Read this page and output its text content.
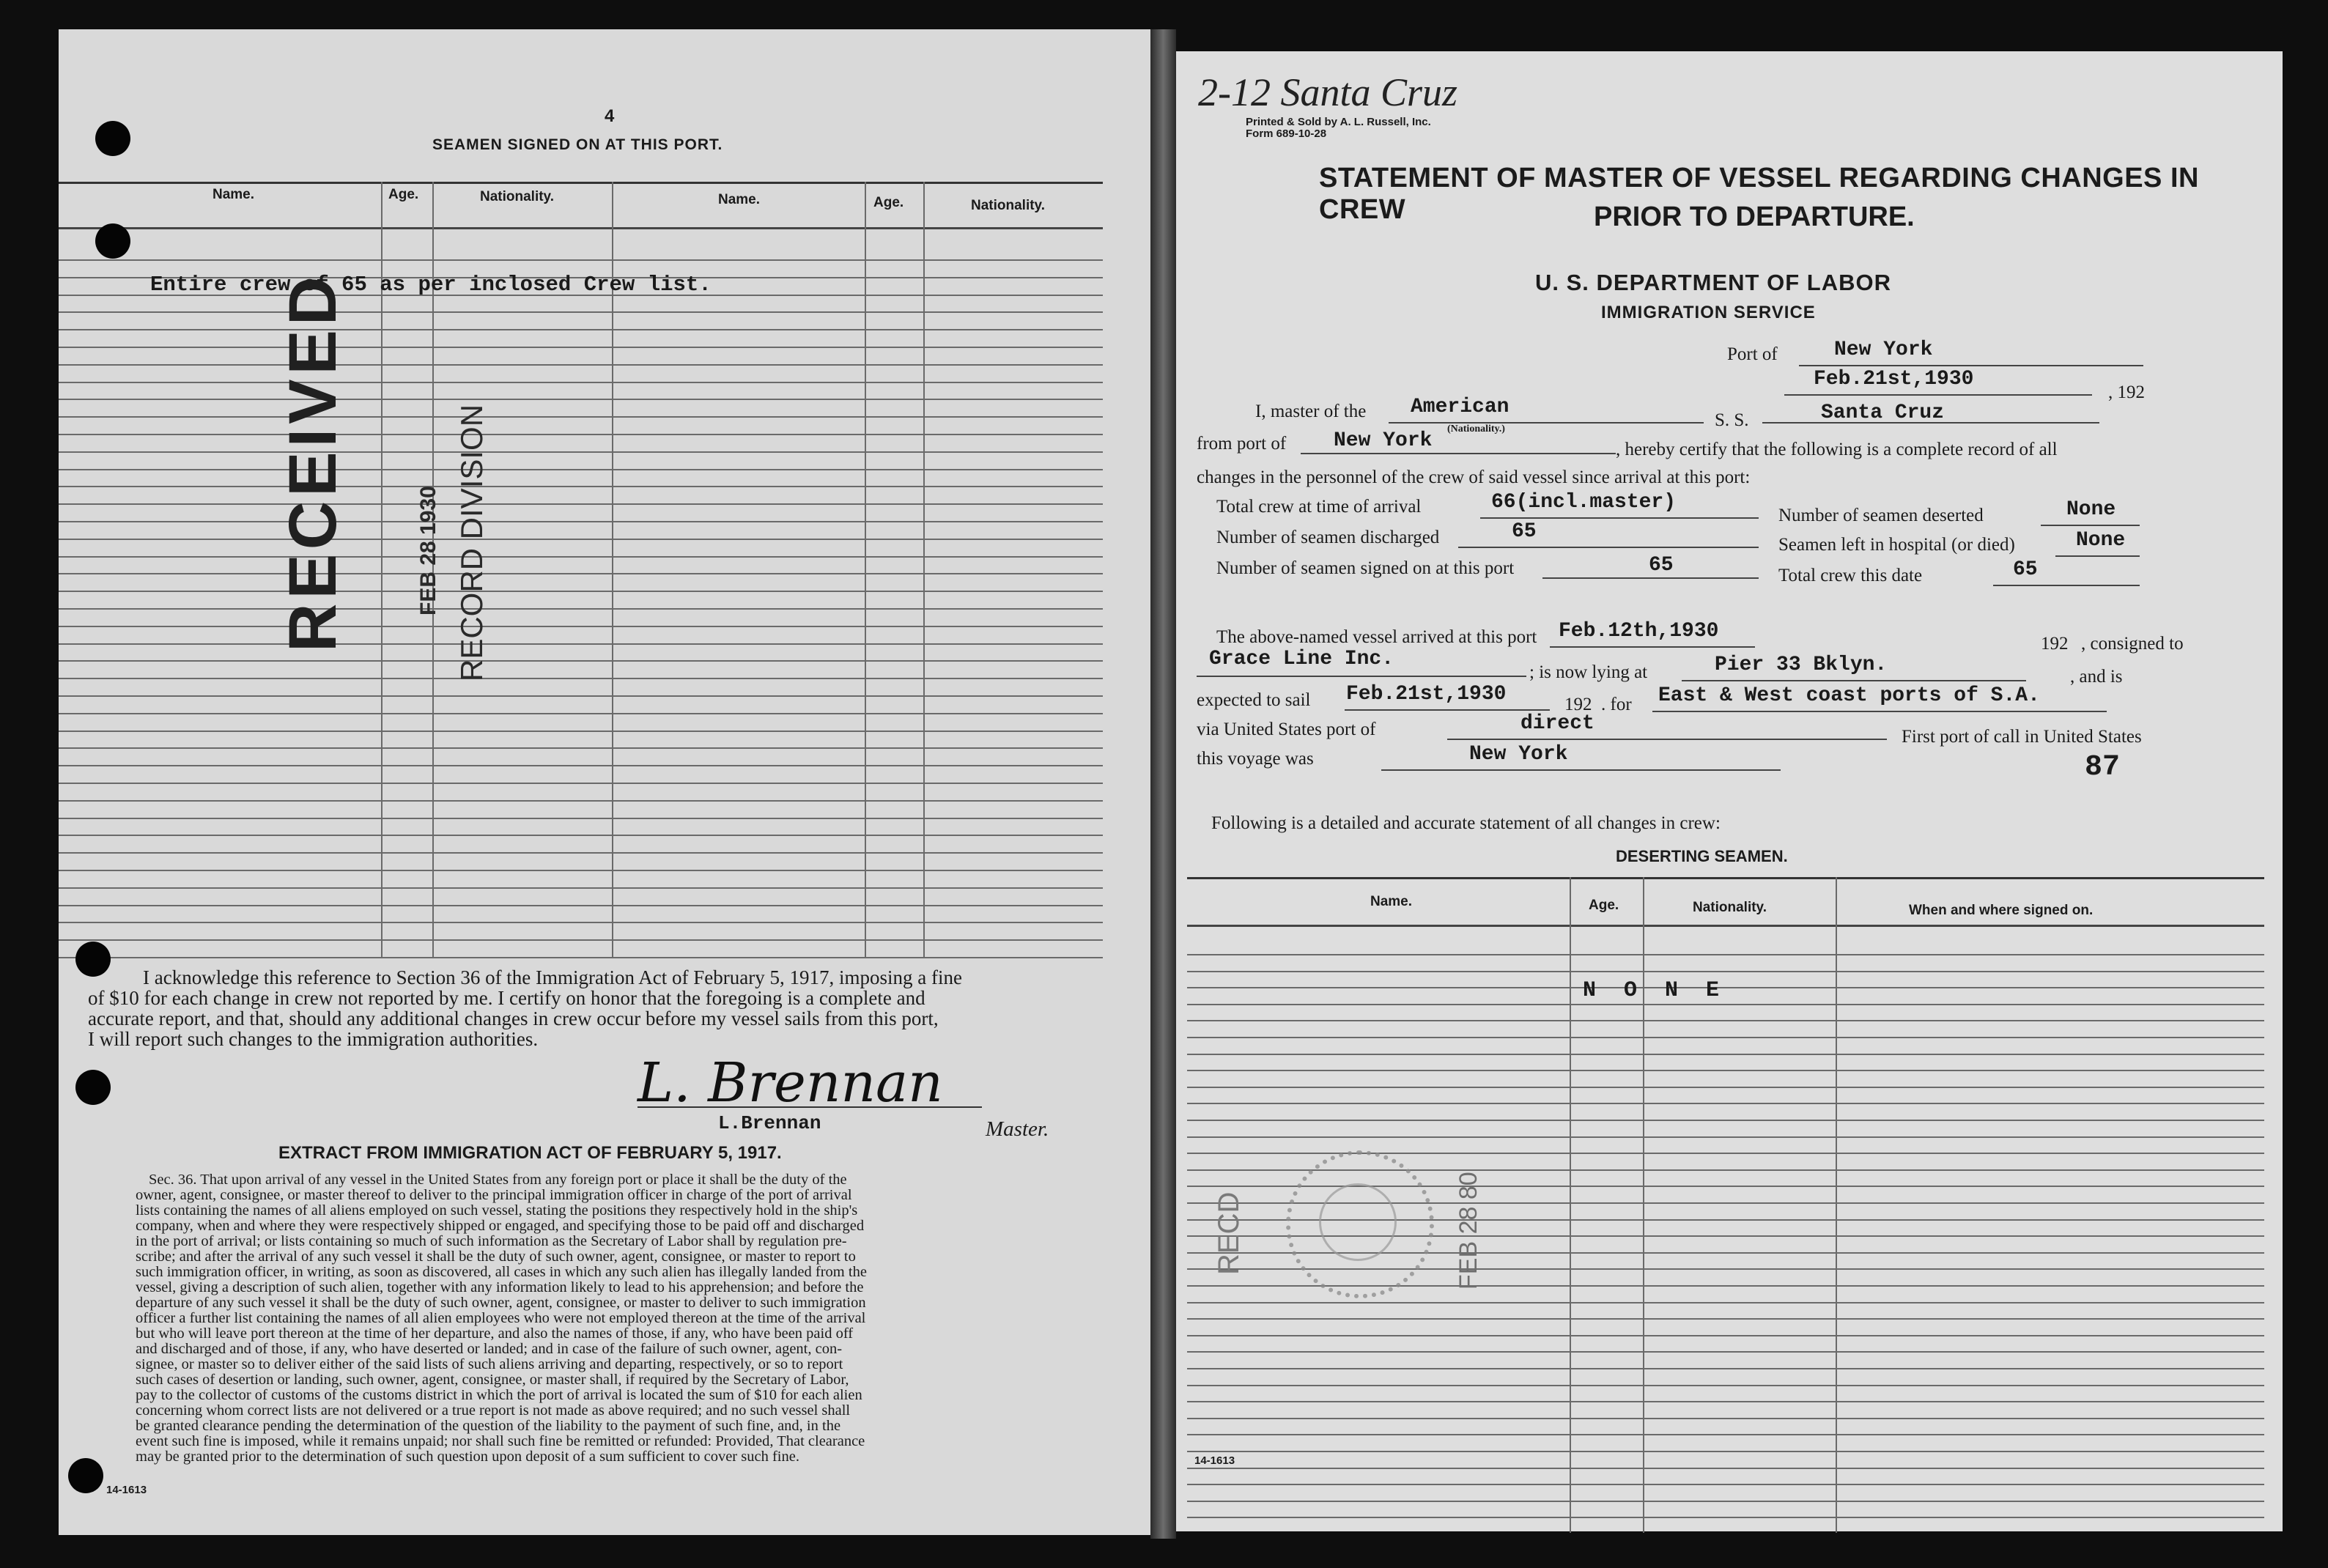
4
SEAMEN SIGNED ON AT THIS PORT.
Name.	Age.	Nationality.	Name.	Age.	Nationality.
Entire crew of 65 as per inclosed Crew list.
RECEIVED	FEB 28 1930 RECORD DIVISION
I acknowledge this reference to Section 36 of the Immigration Act of February 5, 1917, imposing a fine
of $10 for each change in crew not reported by me. I certify on honor that the foregoing is a complete and
accurate report, and that, should any additional changes in crew occur before my vessel sails from this port,
I will report such changes to the immigration authorities.
L. Brennan
L.Brennan	Master.
EXTRACT FROM IMMIGRATION ACT OF FEBRUARY 5, 1917.
Sec. 36. That upon arrival of any vessel in the United States from any foreign port or place it shall be the duty of the
owner, agent, consignee, or master thereof to deliver to the principal immigration officer in charge of the port of arrival
lists containing the names of all aliens employed on such vessel, stating the positions they respectively hold in the ship's
company, when and where they were respectively shipped or engaged, and specifying those to be paid off and discharged
in the port of arrival; or lists containing so much of such information as the Secretary of Labor shall by regulation pre-
scribe; and after the arrival of any such vessel it shall be the duty of such owner, agent, consignee, or master to report to
such immigration officer, in writing, as soon as discovered, all cases in which any such alien has illegally landed from the
vessel, giving a description of such alien, together with any information likely to lead to his apprehension; and before the
departure of any such vessel it shall be the duty of such owner, agent, consignee, or master to deliver to such immigration
officer a further list containing the names of all alien employees who were not employed thereon at the time of the arrival
but who will leave port thereon at the time of her departure, and also the names of those, if any, who have been paid off
and discharged and of those, if any, who have deserted or landed; and in case of the failure of such owner, agent, con-
signee, or master so to deliver either of the said lists of such aliens arriving and departing, respectively, or so to report
such cases of desertion or landing, such owner, agent, consignee, or master shall, if required by the Secretary of Labor,
pay to the collector of customs of the customs district in which the port of arrival is located the sum of $10 for each alien
concerning whom correct lists are not delivered or a true report is not made as above required; and no such vessel shall
be granted clearance pending the determination of the question of the liability to the payment of such fine, and, in the
event such fine is imposed, while it remains unpaid; nor shall such fine be remitted or refunded: Provided, That clearance
may be granted prior to the determination of such question upon deposit of a sum sufficient to cover such fine.
14-1613
2-12 Santa Cruz
Printed & Sold by A. L. Russell, Inc.
Form 689-10-28
STATEMENT OF MASTER OF VESSEL REGARDING CHANGES IN CREW	PRIOR TO DEPARTURE.
U. S. DEPARTMENT OF LABOR
IMMIGRATION SERVICE
Port of	New York
Feb.21st,1930
, 192
I, master of the American
S. S.	Santa Cruz
(Nationality.)
from port of New York	, hereby certify that the following is a complete record of all
changes in the personnel of the crew of said vessel since arrival at this port:
Total crew at time of arrival	66(incl.master)
Number of seamen deserted	None
Number of seamen discharged	65
Seamen left in hospital (or died)	None
Number of seamen signed on at this port	65	Total crew this date	65
The above-named vessel arrived at this port Feb.12th,1930
192 , consigned to
Grace Line Inc.
; is now lying at	Pier 33 Bklyn.
, and is
expected to sail Feb.21st,1930	192 . for East & West coast ports of S.A.
via United States port of	direct
First port of call in United States
this voyage was	New York	87
Following is a detailed and accurate statement of all changes in crew:
DESERTING SEAMEN.
Name.	Age.	Nationality.	When and where signed on.
N O N E
RECD	FEB 28 80
14-1613
